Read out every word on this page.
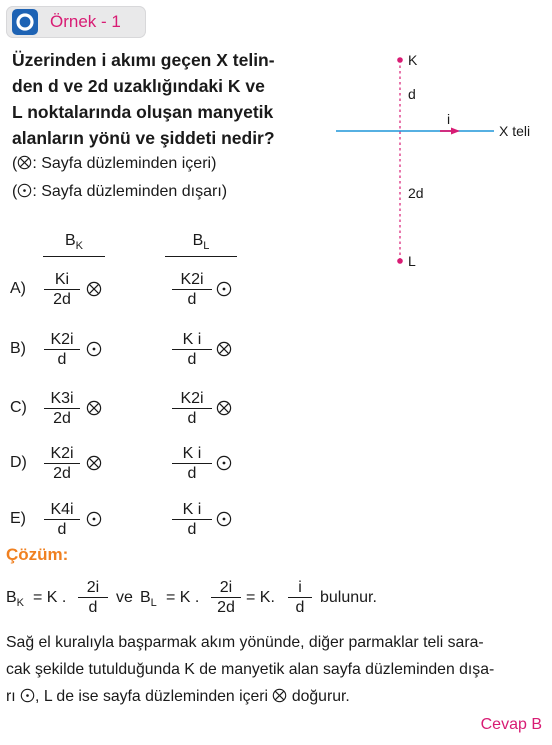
Örnek - 1
Üzerinden i akımı geçen X telin-
den d ve 2d uzaklığındaki K ve
L noktalarında oluşan manyetik
alanların yönü ve şiddeti nedir?
( : Sayfa düzleminden içeri)
( : Sayfa düzleminden dışarı)
K
L
d
2d
i
X teli
$B_K$	$B_L$
$A) \frac{Ki}{2d}$	$\frac{K2i}{d}$
$B) \frac{K2i}{d}$	$\frac{\text{K i}}{d}$
$C) \frac{K3i}{2d}$	$\frac{K2i}{d}$
$D) \frac{K2i}{2d}$	$\frac{\text{K i}}{d}$
$E) \frac{K4i}{d}$	$\frac{\text{K i}}{d}$
Çözüm:
$B_K = K$ . $\frac{2i}{d}$ ve $B_L = K$ . $\frac{2i}{2d} = K$. $\frac{i}{d}$ bulunur.
Sağ el kuralıyla başparmak akım yönünde, diğer parmaklar teli sara-
cak şekilde tutulduğunda K de manyetik alan sayfa düzleminden dışa-
rı , L de ise sayfa düzleminden içeri doğurur.
Cevap B
